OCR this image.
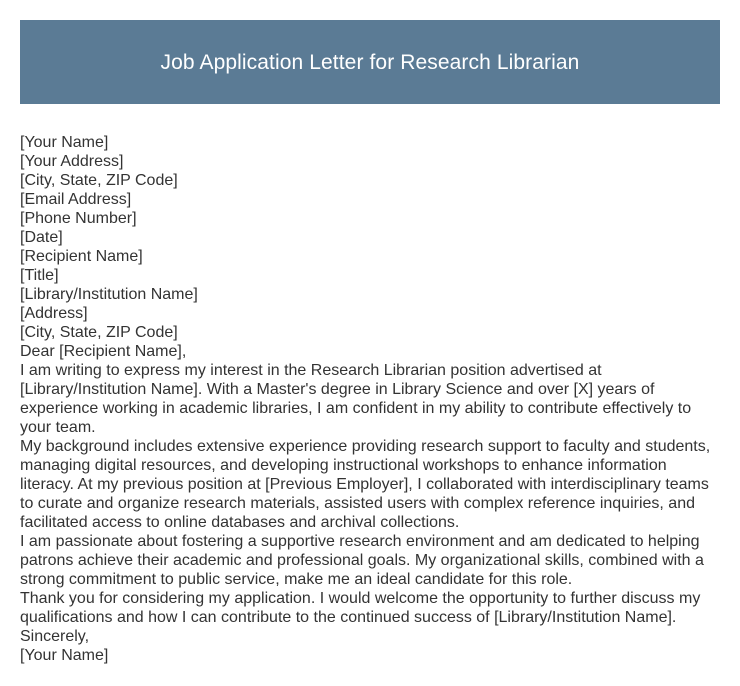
Job Application Letter for Research Librarian
[Your Name]
[Your Address]
[City, State, ZIP Code]
[Email Address]
[Phone Number]
[Date]
[Recipient Name]
[Title]
[Library/Institution Name]
[Address]
[City, State, ZIP Code]
Dear [Recipient Name],
I am writing to express my interest in the Research Librarian position advertised at [Library/Institution Name]. With a Master's degree in Library Science and over [X] years of experience working in academic libraries, I am confident in my ability to contribute effectively to your team.
My background includes extensive experience providing research support to faculty and students, managing digital resources, and developing instructional workshops to enhance information literacy. At my previous position at [Previous Employer], I collaborated with interdisciplinary teams to curate and organize research materials, assisted users with complex reference inquiries, and facilitated access to online databases and archival collections.
I am passionate about fostering a supportive research environment and am dedicated to helping patrons achieve their academic and professional goals. My organizational skills, combined with a strong commitment to public service, make me an ideal candidate for this role.
Thank you for considering my application. I would welcome the opportunity to further discuss my qualifications and how I can contribute to the continued success of [Library/Institution Name].
Sincerely,
[Your Name]
